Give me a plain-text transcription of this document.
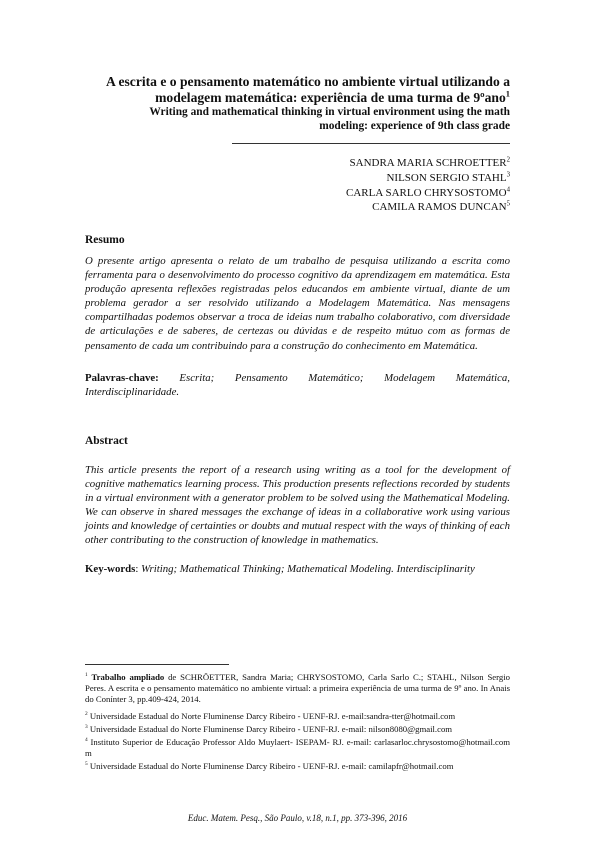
A escrita e o pensamento matemático no ambiente virtual utilizando a modelagem matemática: experiência de uma turma de 9ºano$^1$
Writing and mathematical thinking in virtual environment using the math
modeling: experience of 9th class grade
SANDRA MARIA SCHROETTER$^2$
NILSON SERGIO STAHL$^3$
CARLA SARLO CHRYSOSTOMO$^4$
CAMILA RAMOS DUNCAN$^5$
Resumo
O presente artigo apresenta o relato de um trabalho de pesquisa utilizando a escrita como ferramenta para o desenvolvimento do processo cognitivo da aprendizagem em matemática. Esta produção apresenta reflexões registradas pelos educandos em ambiente virtual, diante de um problema gerador a ser resolvido utilizando a Modelagem Matemática. Nas mensagens compartilhadas podemos observar a troca de ideias num trabalho colaborativo, com diversidade de articulações e de saberes, de certezas ou dúvidas e de respeito mútuo com as formas de pensamento de cada um contribuindo para a construção do conhecimento em Matemática.
Palavras-chave: Escrita; Pensamento Matemático; Modelagem Matemática, Interdisciplinaridade.
Abstract
This article presents the report of a research using writing as a tool for the development of cognitive mathematics learning process. This production presents reflections recorded by students in a virtual environment with a generator problem to be solved using the Mathematical Modeling. We can observe in shared messages the exchange of ideas in a collaborative work using various joints and knowledge of certainties or doubts and mutual respect with the ways of thinking of each other contributing to the construction of knowledge in mathematics.
Key-words: Writing; Mathematical Thinking; Mathematical Modeling. Interdisciplinarity
$^1$ Trabalho ampliado de SCHRÖETTER, Sandra Maria; CHRYSOSTOMO, Carla Sarlo C.; STAHL, Nilson Sergio Peres. A escrita e o pensamento matemático no ambiente virtual: a primeira experiência de uma turma de 9º ano. In Anais do Conínter 3, pp.409-424, 2014.
$^2$ Universidade Estadual do Norte Fluminense Darcy Ribeiro - UENF-RJ. e-mail:sandra-tter@hotmail.com
$^3$ Universidade Estadual do Norte Fluminense Darcy Ribeiro - UENF-RJ. e-mail: nilson8080@gmail.com
$^4$ Instituto Superior de Educação Professor Aldo Muylaert- ISEPAM- RJ. e-mail: carlasarloc.chrysostomo@hotmail.com m
$^5$ Universidade Estadual do Norte Fluminense Darcy Ribeiro - UENF-RJ. e-mail: camilapfr@hotmail.com
Educ. Matem. Pesq., São Paulo, v.18, n.1, pp. 373-396, 2016
